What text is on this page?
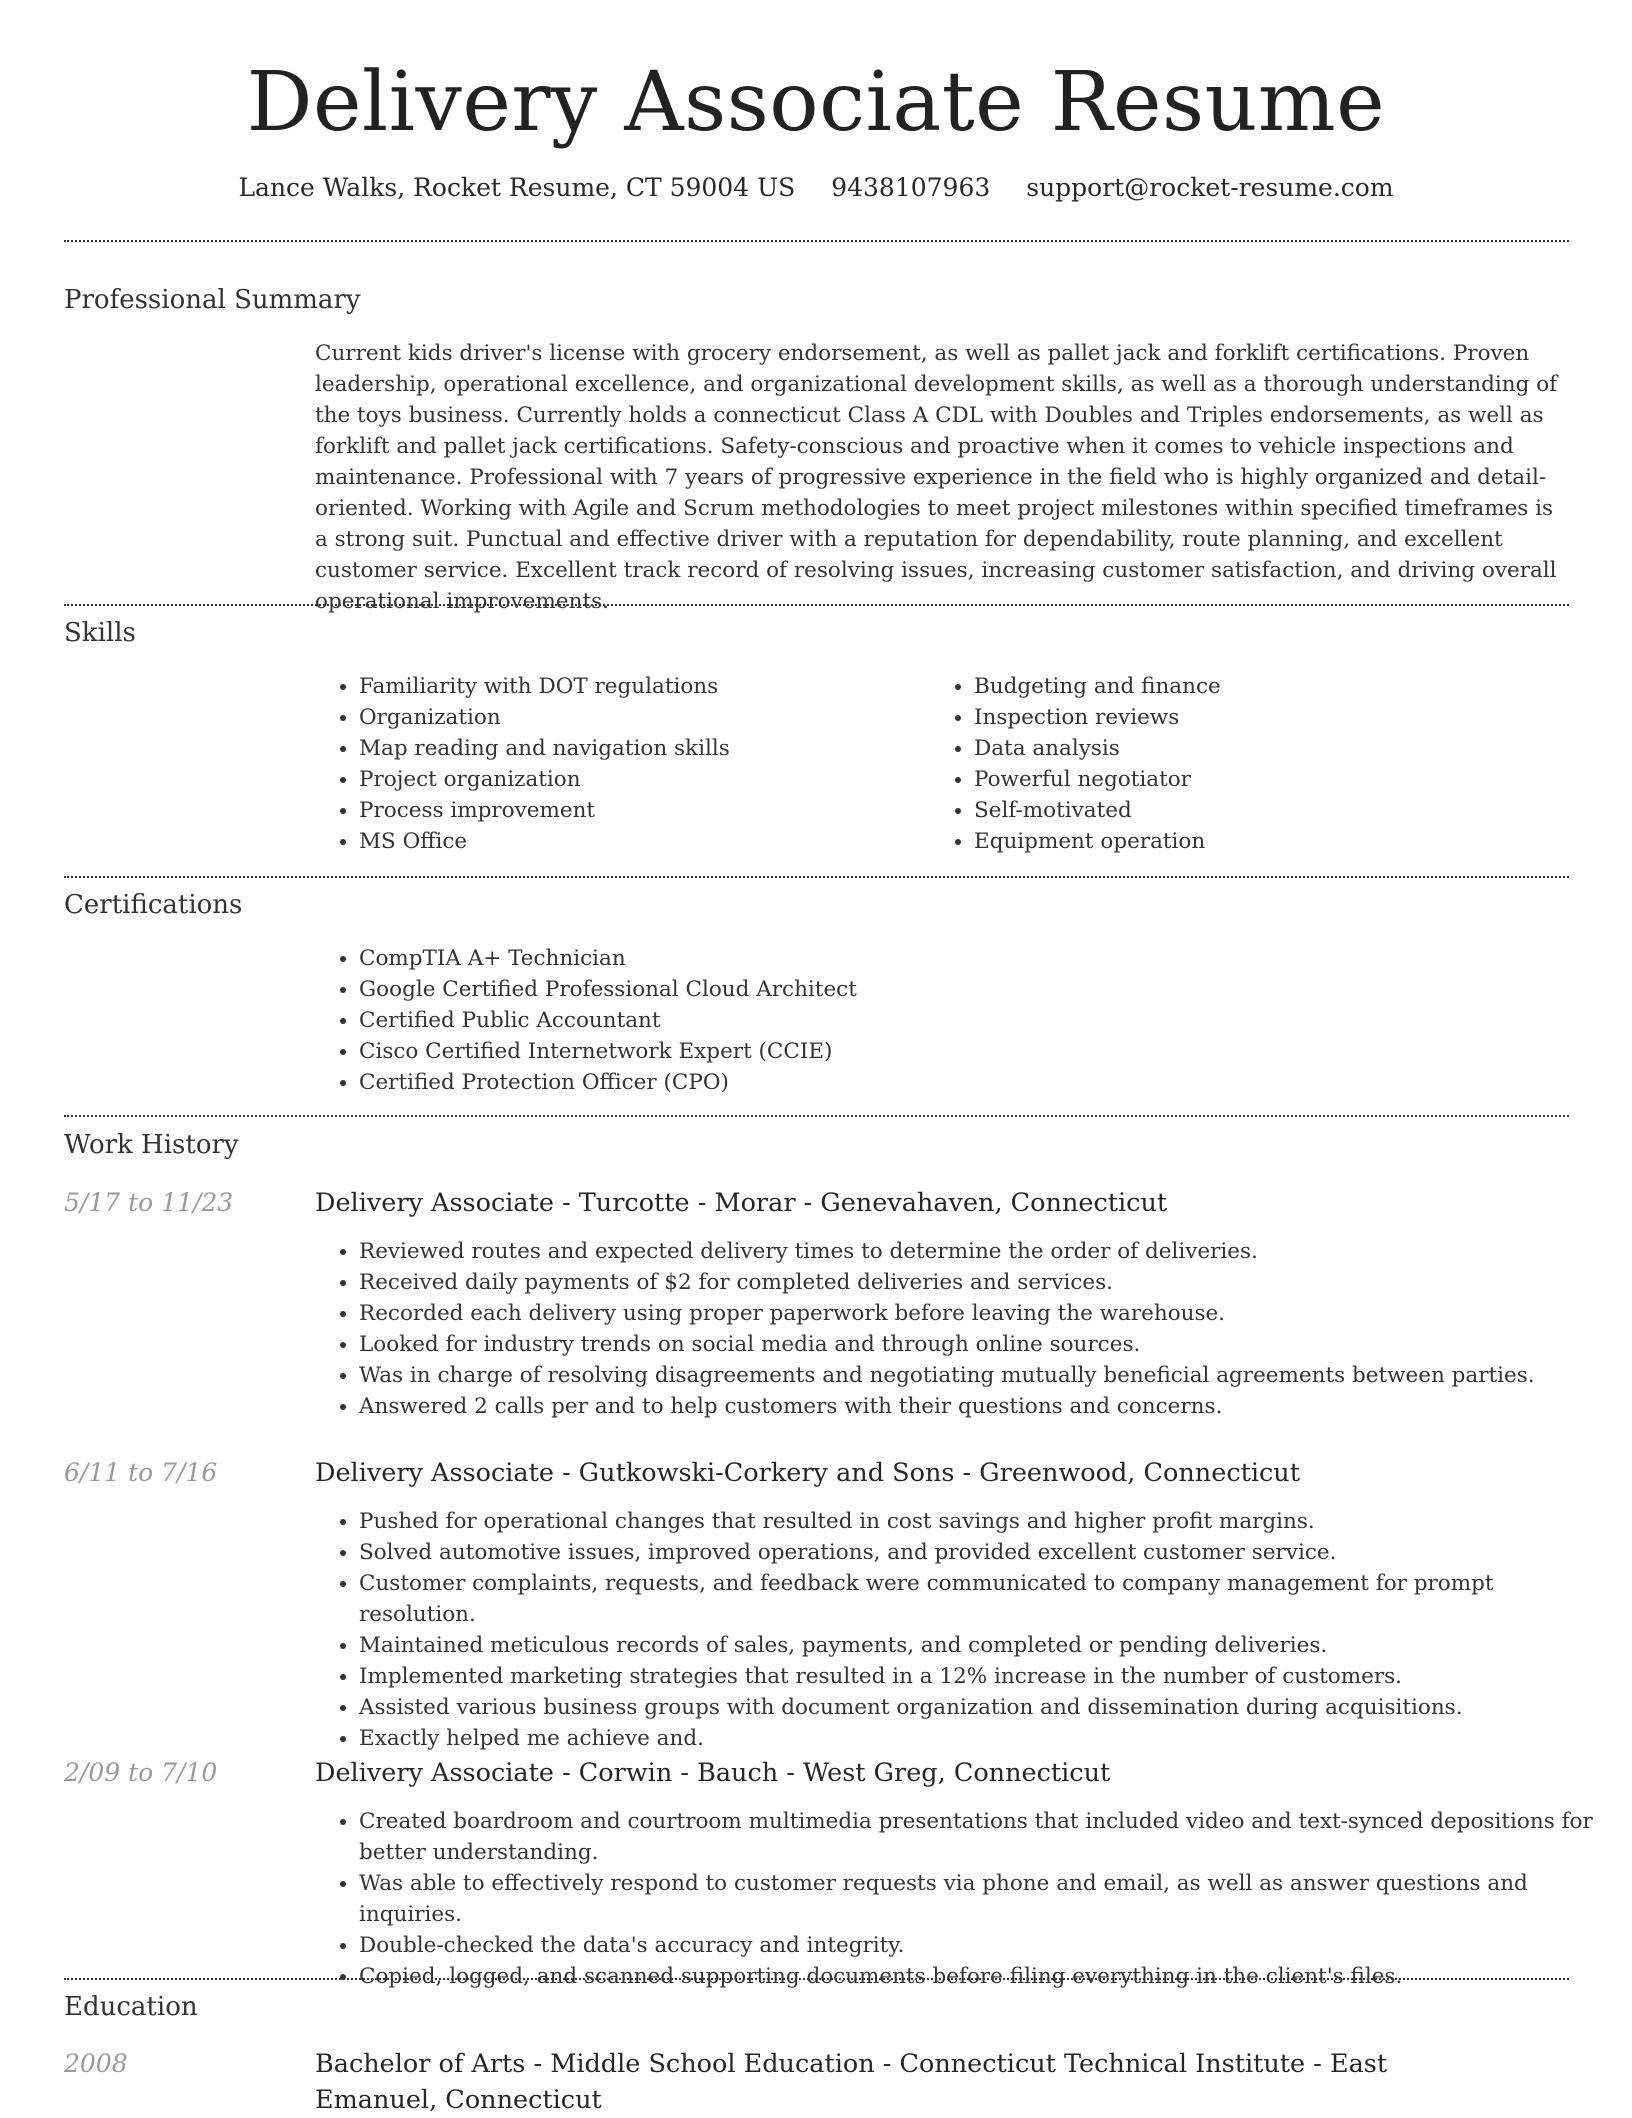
Delivery Associate Resume
Lance Walks, Rocket Resume, CT 59004 US 9438107963 support@rocket-resume.com
Professional Summary
Current kids driver's license with grocery endorsement, as well as pallet jack and forklift certifications. Proven leadership, operational excellence, and organizational development skills, as well as a thorough understanding of the toys business. Currently holds a connecticut Class A CDL with Doubles and Triples endorsements, as well as forklift and pallet jack certifications. Safety-conscious and proactive when it comes to vehicle inspections and maintenance. Professional with 7 years of progressive experience in the field who is highly organized and detail-oriented. Working with Agile and Scrum methodologies to meet project milestones within specified timeframes is a strong suit. Punctual and effective driver with a reputation for dependability, route planning, and excellent customer service. Excellent track record of resolving issues, increasing customer satisfaction, and driving overall operational improvements.
Skills
• Familiarity with DOT regulations
• Organization
• Map reading and navigation skills
• Project organization
• Process improvement
• MS Office
• Budgeting and finance
• Inspection reviews
• Data analysis
• Powerful negotiator
• Self-motivated
• Equipment operation
Certifications
• CompTIA A+ Technician
• Google Certified Professional Cloud Architect
• Certified Public Accountant
• Cisco Certified Internetwork Expert (CCIE)
• Certified Protection Officer (CPO)
Work History
5/17 to 11/23	Delivery Associate - Turcotte - Morar - Genevahaven, Connecticut
• Reviewed routes and expected delivery times to determine the order of deliveries.
• Received daily payments of $2 for completed deliveries and services.
• Recorded each delivery using proper paperwork before leaving the warehouse.
• Looked for industry trends on social media and through online sources.
• Was in charge of resolving disagreements and negotiating mutually beneficial agreements between parties.
• Answered 2 calls per and to help customers with their questions and concerns.
6/11 to 7/16	Delivery Associate - Gutkowski-Corkery and Sons - Greenwood, Connecticut
• Pushed for operational changes that resulted in cost savings and higher profit margins.
• Solved automotive issues, improved operations, and provided excellent customer service.
• Customer complaints, requests, and feedback were communicated to company management for prompt resolution.
• Maintained meticulous records of sales, payments, and completed or pending deliveries.
• Implemented marketing strategies that resulted in a 12% increase in the number of customers.
• Assisted various business groups with document organization and dissemination during acquisitions.
• Exactly helped me achieve and.
2/09 to 7/10	Delivery Associate - Corwin - Bauch - West Greg, Connecticut
• Created boardroom and courtroom multimedia presentations that included video and text-synced depositions for better understanding.
• Was able to effectively respond to customer requests via phone and email, as well as answer questions and inquiries.
• Double-checked the data's accuracy and integrity.
• Copied, logged, and scanned supporting documents before filing everything in the client's files.
Education
2008	Bachelor of Arts - Middle School Education - Connecticut Technical Institute - East Emanuel, Connecticut
